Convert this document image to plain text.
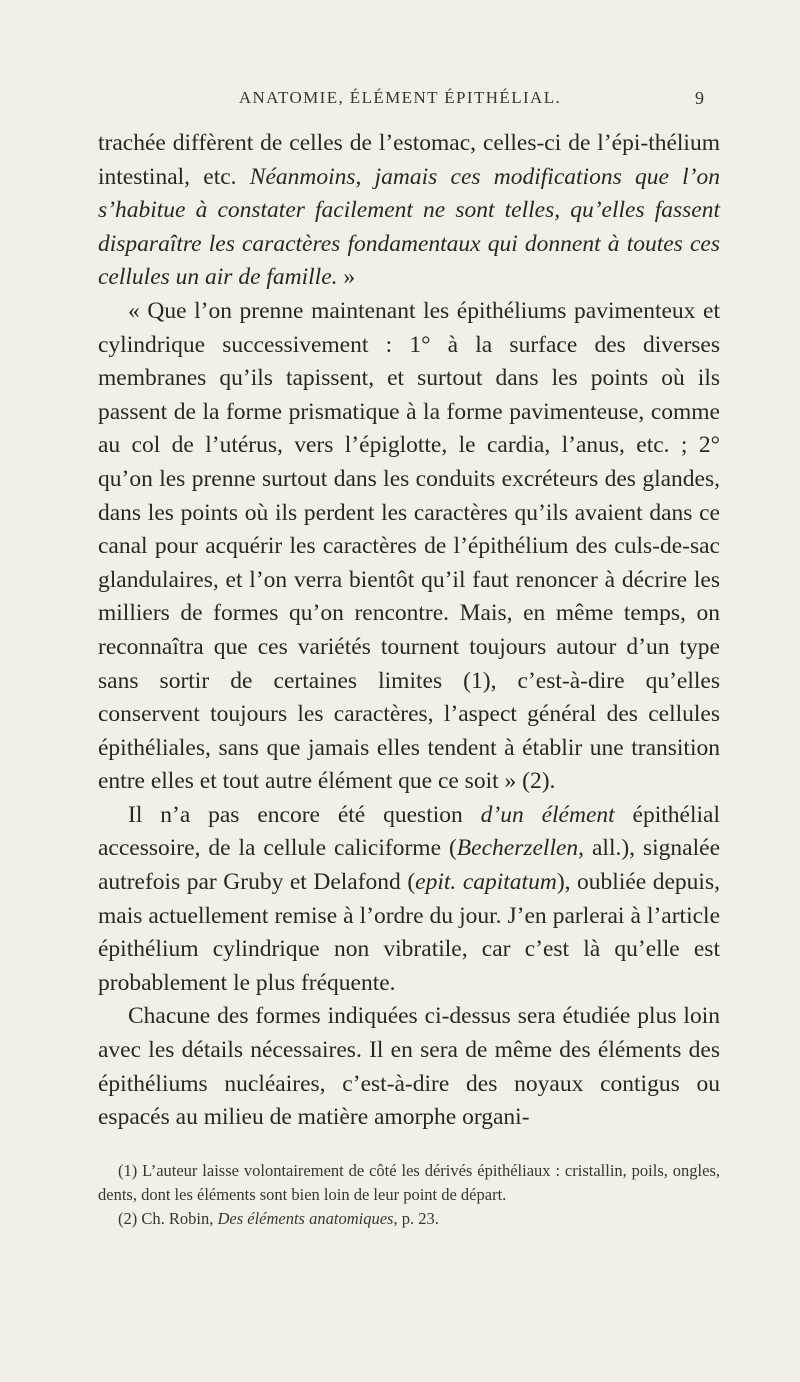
ANATOMIE, ÉLÉMENT ÉPITHÉLIAL.	9

trachée diffèrent de celles de l’estomac, celles-ci de l’épi-thélium intestinal, etc. Néanmoins, jamais ces modifications que l’on s’habitue à constater facilement ne sont telles, qu’elles fassent disparaître les caractères fondamentaux qui donnent à toutes ces cellules un air de famille. »

« Que l’on prenne maintenant les épithéliums pavimenteux et cylindrique successivement : 1° à la surface des diverses membranes qu’ils tapissent, et surtout dans les points où ils passent de la forme prismatique à la forme pavimenteuse, comme au col de l’utérus, vers l’épiglotte, le cardia, l’anus, etc. ; 2° qu’on les prenne surtout dans les conduits excréteurs des glandes, dans les points où ils perdent les caractères qu’ils avaient dans ce canal pour acquérir les caractères de l’épithélium des culs-de-sac glandulaires, et l’on verra bientôt qu’il faut renoncer à décrire les milliers de formes qu’on rencontre. Mais, en même temps, on reconnaîtra que ces variétés tournent toujours autour d’un type sans sortir de certaines limites (1), c’est-à-dire qu’elles conservent toujours les caractères, l’aspect général des cellules épithéliales, sans que jamais elles tendent à établir une transition entre elles et tout autre élément que ce soit » (2).

Il n’a pas encore été question d’un élément épithélial accessoire, de la cellule caliciforme (Becherzellen, all.), signalée autrefois par Gruby et Delafond (epit. capitatum), oubliée depuis, mais actuellement remise à l’ordre du jour. J’en parlerai à l’article épithélium cylindrique non vibratile, car c’est là qu’elle est probablement le plus fréquente.

Chacune des formes indiquées ci-dessus sera étudiée plus loin avec les détails nécessaires. Il en sera de même des éléments des épithéliums nucléaires, c’est-à-dire des noyaux contigus ou espacés au milieu de matière amorphe organi-

(1) L’auteur laisse volontairement de côté les dérivés épithéliaux : cristallin, poils, ongles, dents, dont les éléments sont bien loin de leur point de départ.

(2) Ch. Robin, Des éléments anatomiques, p. 23.
